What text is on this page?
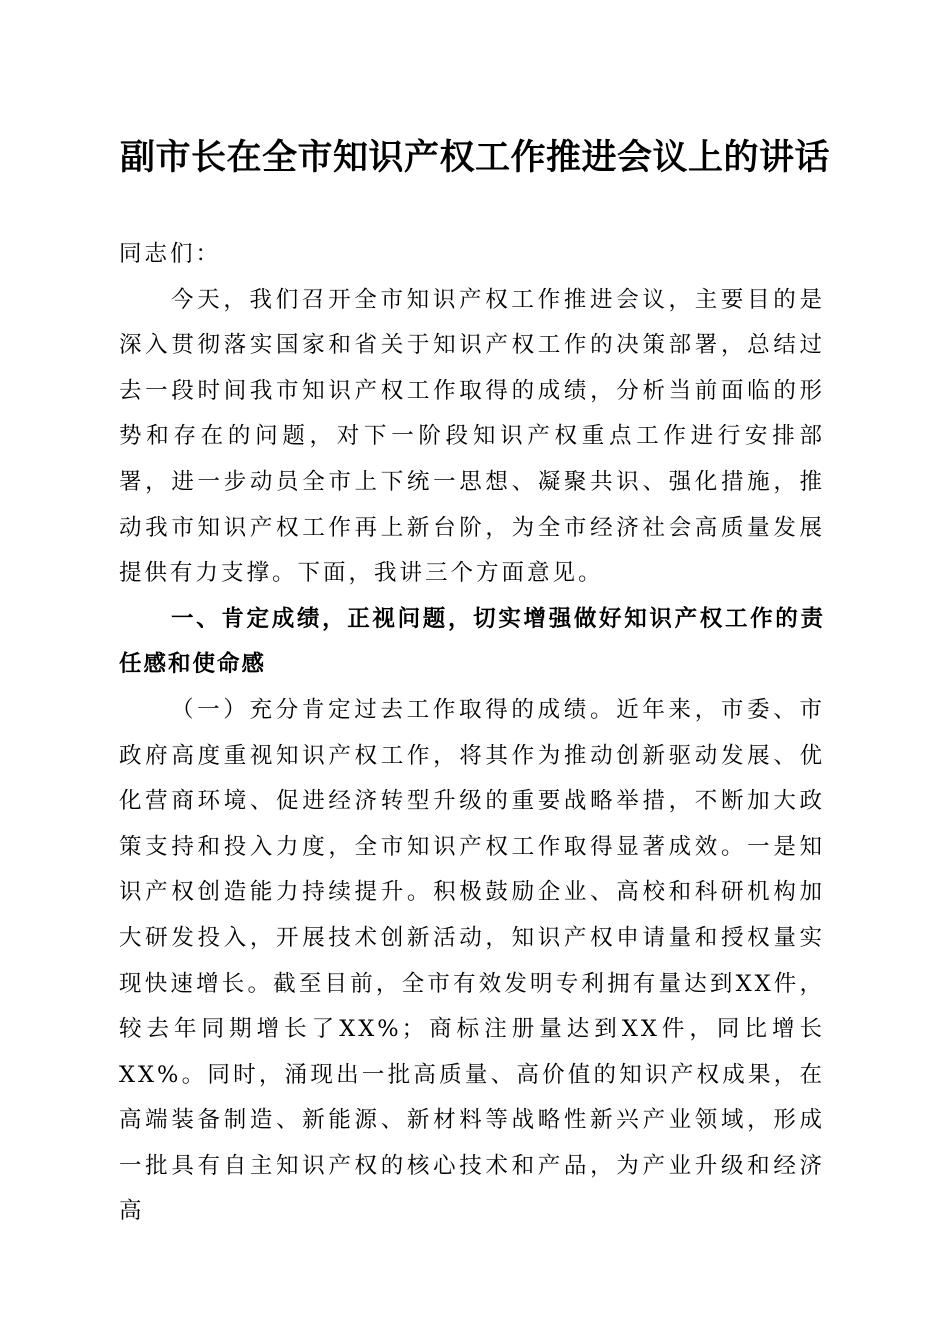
副市长在全市知识产权工作推进会议上的讲话

同志们：

今天，我们召开全市知识产权工作推进会议，主要目的是深入贯彻落实国家和省关于知识产权工作的决策部署，总结过去一段时间我市知识产权工作取得的成绩，分析当前面临的形势和存在的问题，对下一阶段知识产权重点工作进行安排部署，进一步动员全市上下统一思想、凝聚共识、强化措施，推动我市知识产权工作再上新台阶，为全市经济社会高质量发展提供有力支撑。下面，我讲三个方面意见。

一、肯定成绩，正视问题，切实增强做好知识产权工作的责任感和使命感

（一）充分肯定过去工作取得的成绩。近年来，市委、市政府高度重视知识产权工作，将其作为推动创新驱动发展、优化营商环境、促进经济转型升级的重要战略举措，不断加大政策支持和投入力度，全市知识产权工作取得显著成效。一是知识产权创造能力持续提升。积极鼓励企业、高校和科研机构加大研发投入，开展技术创新活动，知识产权申请量和授权量实现快速增长。截至目前，全市有效发明专利拥有量达到XX件，较去年同期增长了XX%；商标注册量达到XX件，同比增长XX%。同时，涌现出一批高质量、高价值的知识产权成果，在高端装备制造、新能源、新材料等战略性新兴产业领域，形成一批具有自主知识产权的核心技术和产品，为产业升级和经济高
